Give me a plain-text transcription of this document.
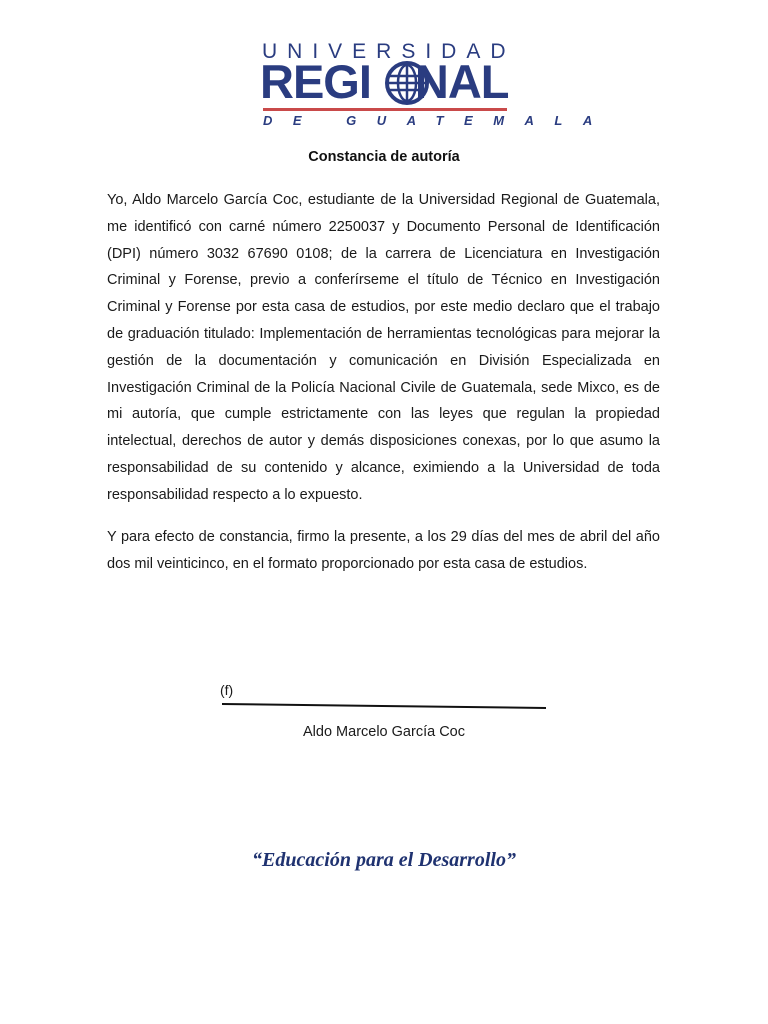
UNIVERSIDAD
REGI NAL
DE GUATEMALA
Constancia de autoría

Yo, Aldo Marcelo García Coc, estudiante de la Universidad Regional de Guatemala, me identificó con carné número 2250037 y Documento Personal de Identificación (DPI) número 3032 67690 0108; de la carrera de Licenciatura en Investigación Criminal y Forense, previo a conferírseme el título de Técnico en Investigación Criminal y Forense por esta casa de estudios, por este medio declaro que el trabajo de graduación titulado: Implementación de herramientas tecnológicas para mejorar la gestión de la documentación y comunicación en División Especializada en Investigación Criminal de la Policía Nacional Civile de Guatemala, sede Mixco, es de mi autoría, que cumple estrictamente con las leyes que regulan la propiedad intelectual, derechos de autor y demás disposiciones conexas, por lo que asumo la responsabilidad de su contenido y alcance, eximiendo a la Universidad de toda responsabilidad respecto a lo expuesto.

Y para efecto de constancia, firmo la presente, a los 29 días del mes de abril del año dos mil veinticinco, en el formato proporcionado por esta casa de estudios.

(f)
Aldo Marcelo García Coc
“Educación para el Desarrollo”
